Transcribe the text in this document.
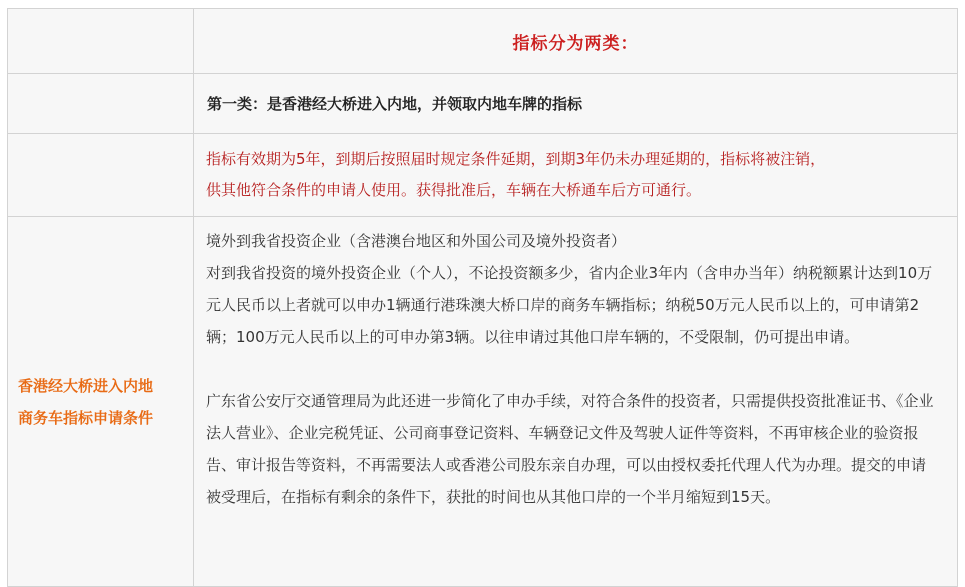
	指标分为两类：

	第一类：是香港经大桥进入内地，并领取内地车牌的指标

	指标有效期为5年，到期后按照届时规定条件延期，到期3年仍未办理延期的，指标将被注销，
供其他符合条件的申请人使用。获得批准后，车辆在大桥通车后方可通行。

香港经大桥进入内地
商务车指标申请条件	境外到我省投资企业（含港澳台地区和外国公司及境外投资者）
对到我省投资的境外投资企业（个人），不论投资额多少，省内企业3年内（含申办当年）纳税额累计达到10万元人民币以上者就可以申办1辆通行港珠澳大桥口岸的商务车辆指标；纳税50万元人民币以上的，可申请第2辆；100万元人民币以上的可申办第3辆。以往申请过其他口岸车辆的，不受限制，仍可提出申请。
广东省公安厅交通管理局为此还进一步简化了申办手续，对符合条件的投资者，只需提供投资批准证书、《企业法人营业》、企业完税凭证、公司商事登记资料、车辆登记文件及驾驶人证件等资料，不再审核企业的验资报告、审计报告等资料，不再需要法人或香港公司股东亲自办理，可以由授权委托代理人代为办理。提交的申请被受理后，在指标有剩余的条件下，获批的时间也从其他口岸的一个半月缩短到15天。
